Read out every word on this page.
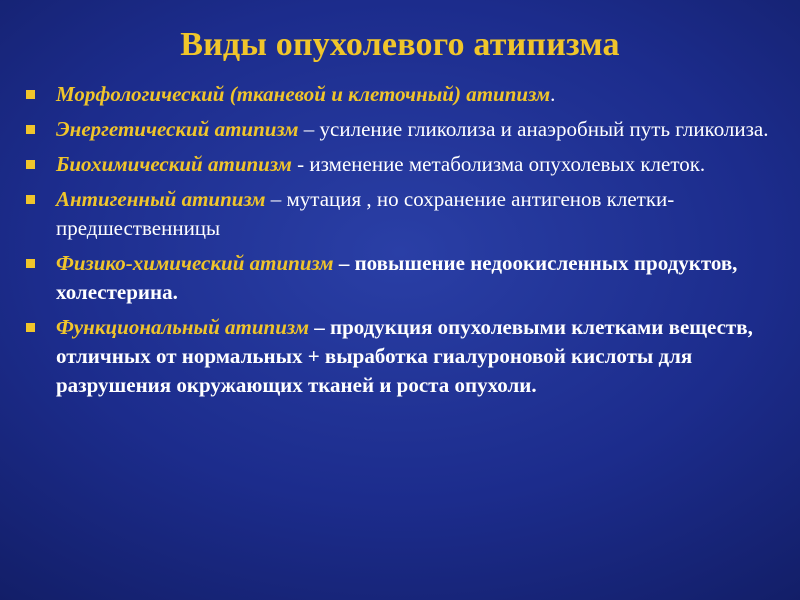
Виды опухолевого атипизма
Морфологический (тканевой и клеточный) атипизм.
Энергетический атипизм – усиление гликолиза и анаэробный путь гликолиза.
Биохимический атипизм - изменение метаболизма опухолевых клеток.
Антигенный атипизм – мутация , но сохранение антигенов клетки- предшественницы
Физико-химический атипизм – повышение недоокисленных продуктов, холестерина.
Функциональный атипизм – продукция опухолевыми клетками веществ, отличных от нормальных + выработка гиалуроновой кислоты для разрушения окружающих тканей и роста опухоли.
